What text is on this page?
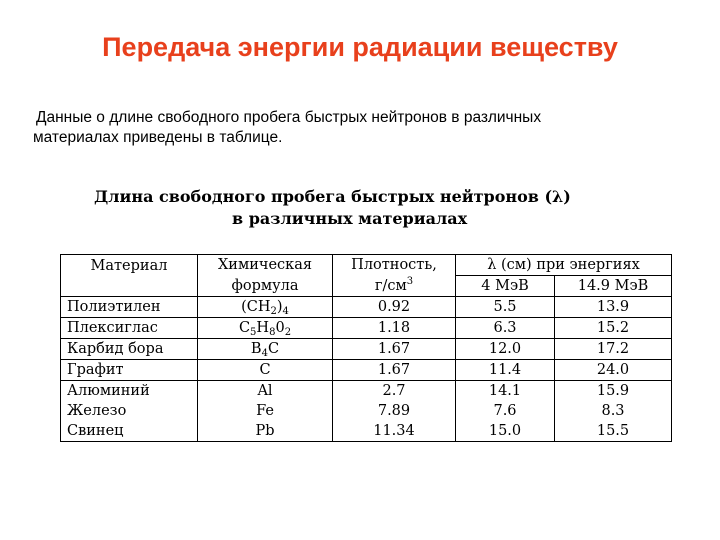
Передача энергии радиации веществу
Данные о длине свободного пробега быстрых нейтронов в различных
материалах приведены в таблице.
Длина свободного пробега быстрых нейтронов (λ)
в различных материалах
Материал	Химическая	Плотность,	λ (см) при энергиях	
	формула	$г/см^3$	4 МэВ	14.9 МэВ
Полиэтилен	$(CH_2)_4$	0.92	5.5	13.9
Плексиглас	$C_5H_80_2$	1.18	6.3	15.2
Карбид бора	$B_4C$	1.67	12.0	17.2
Графит	C	1.67	11.4	24.0
Алюминий	Al	2.7	14.1	15.9
Железо	Fe	7.89	7.6	8.3
Свинец	Pb	11.34	15.0	15.5
